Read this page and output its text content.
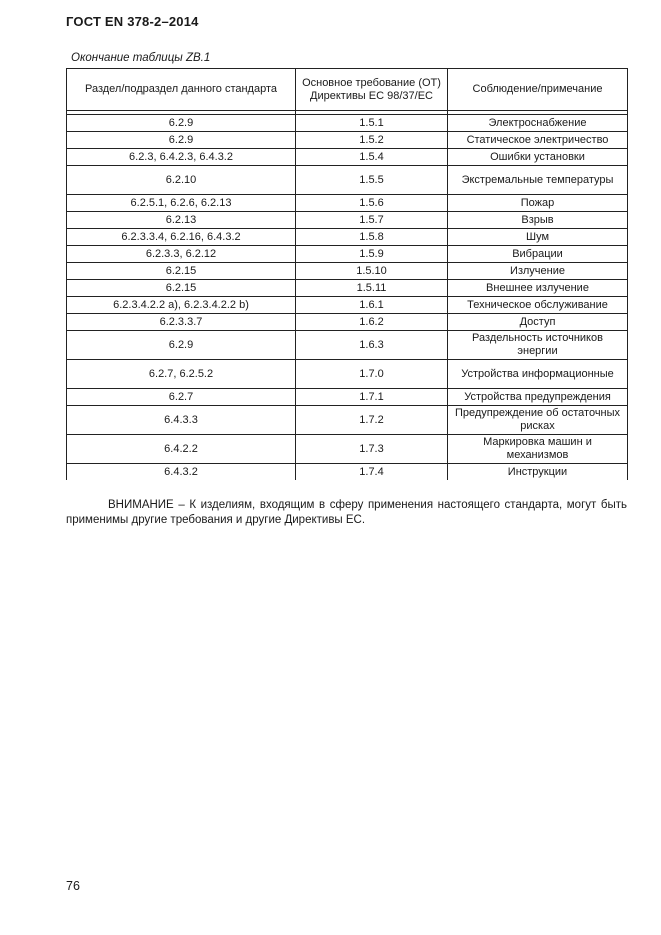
ГОСТ EN 378-2–2014
Окончание таблицы ZB.1
Раздел/подраздел данного стандарта	Основное требование (ОТ) Директивы ЕС 98/37/ЕС	Соблюдение/примечание

6.2.9	1.5.1	Электроснабжение
6.2.9	1.5.2	Статическое электричество
6.2.3, 6.4.2.3, 6.4.3.2	1.5.4	Ошибки установки
6.2.10	1.5.5	Экстремальные температуры
6.2.5.1, 6.2.6, 6.2.13	1.5.6	Пожар
6.2.13	1.5.7	Взрыв
6.2.3.3.4, 6.2.16, 6.4.3.2	1.5.8	Шум
6.2.3.3, 6.2.12	1.5.9	Вибрации
6.2.15	1.5.10	Излучение
6.2.15	1.5.11	Внешнее излучение
6.2.3.4.2.2 a), 6.2.3.4.2.2 b)	1.6.1	Техническое обслуживание
6.2.3.3.7	1.6.2	Доступ
6.2.9	1.6.3	Раздельность источников энергии
6.2.7, 6.2.5.2	1.7.0	Устройства информационные
6.2.7	1.7.1	Устройства предупреждения
6.4.3.3	1.7.2	Предупреждение об остаточных рисках
6.4.2.2	1.7.3	Маркировка машин и механизмов
6.4.3.2	1.7.4	Инструкции

ВНИМАНИЕ – К изделиям, входящим в сферу применения настоящего стандарта, могут быть применимы другие требования и другие Директивы ЕС.

76
